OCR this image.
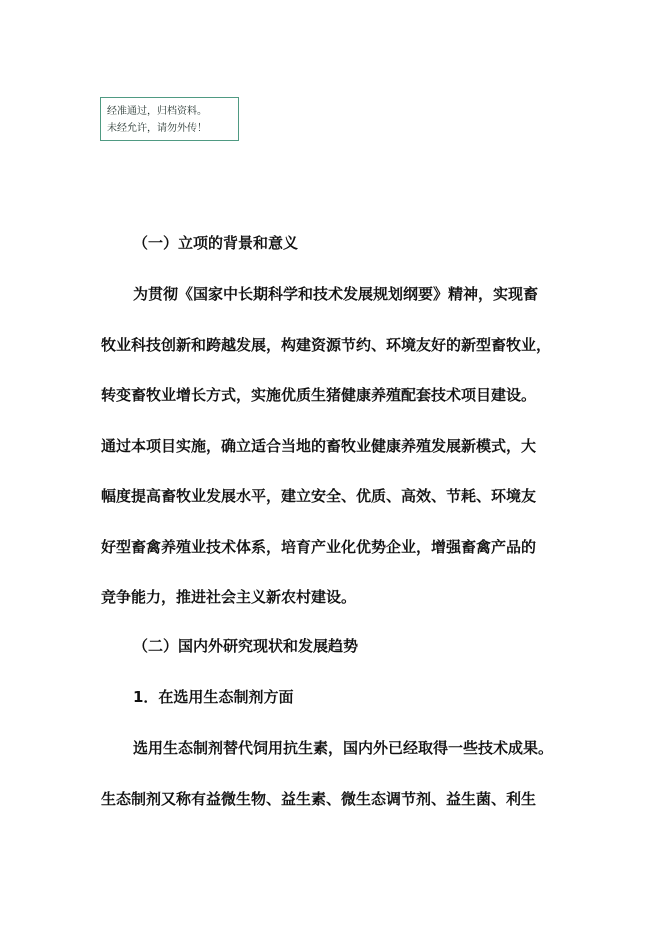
经准通过，归档资料。
未经允许，请勿外传！
（一）立项的背景和意义
为贯彻《国家中长期科学和技术发展规划纲要》精神，实现畜
牧业科技创新和跨越发展，构建资源节约、环境友好的新型畜牧业，
转变畜牧业增长方式，实施优质生猪健康养殖配套技术项目建设。
通过本项目实施，确立适合当地的畜牧业健康养殖发展新模式，大
幅度提高畜牧业发展水平，建立安全、优质、高效、节耗、环境友
好型畜禽养殖业技术体系，培育产业化优势企业，增强畜禽产品的
竞争能力，推进社会主义新农村建设。
（二）国内外研究现状和发展趋势
1．在选用生态制剂方面
选用生态制剂替代饲用抗生素，国内外已经取得一些技术成果。
生态制剂又称有益微生物、益生素、微生态调节剂、益生菌、利生
